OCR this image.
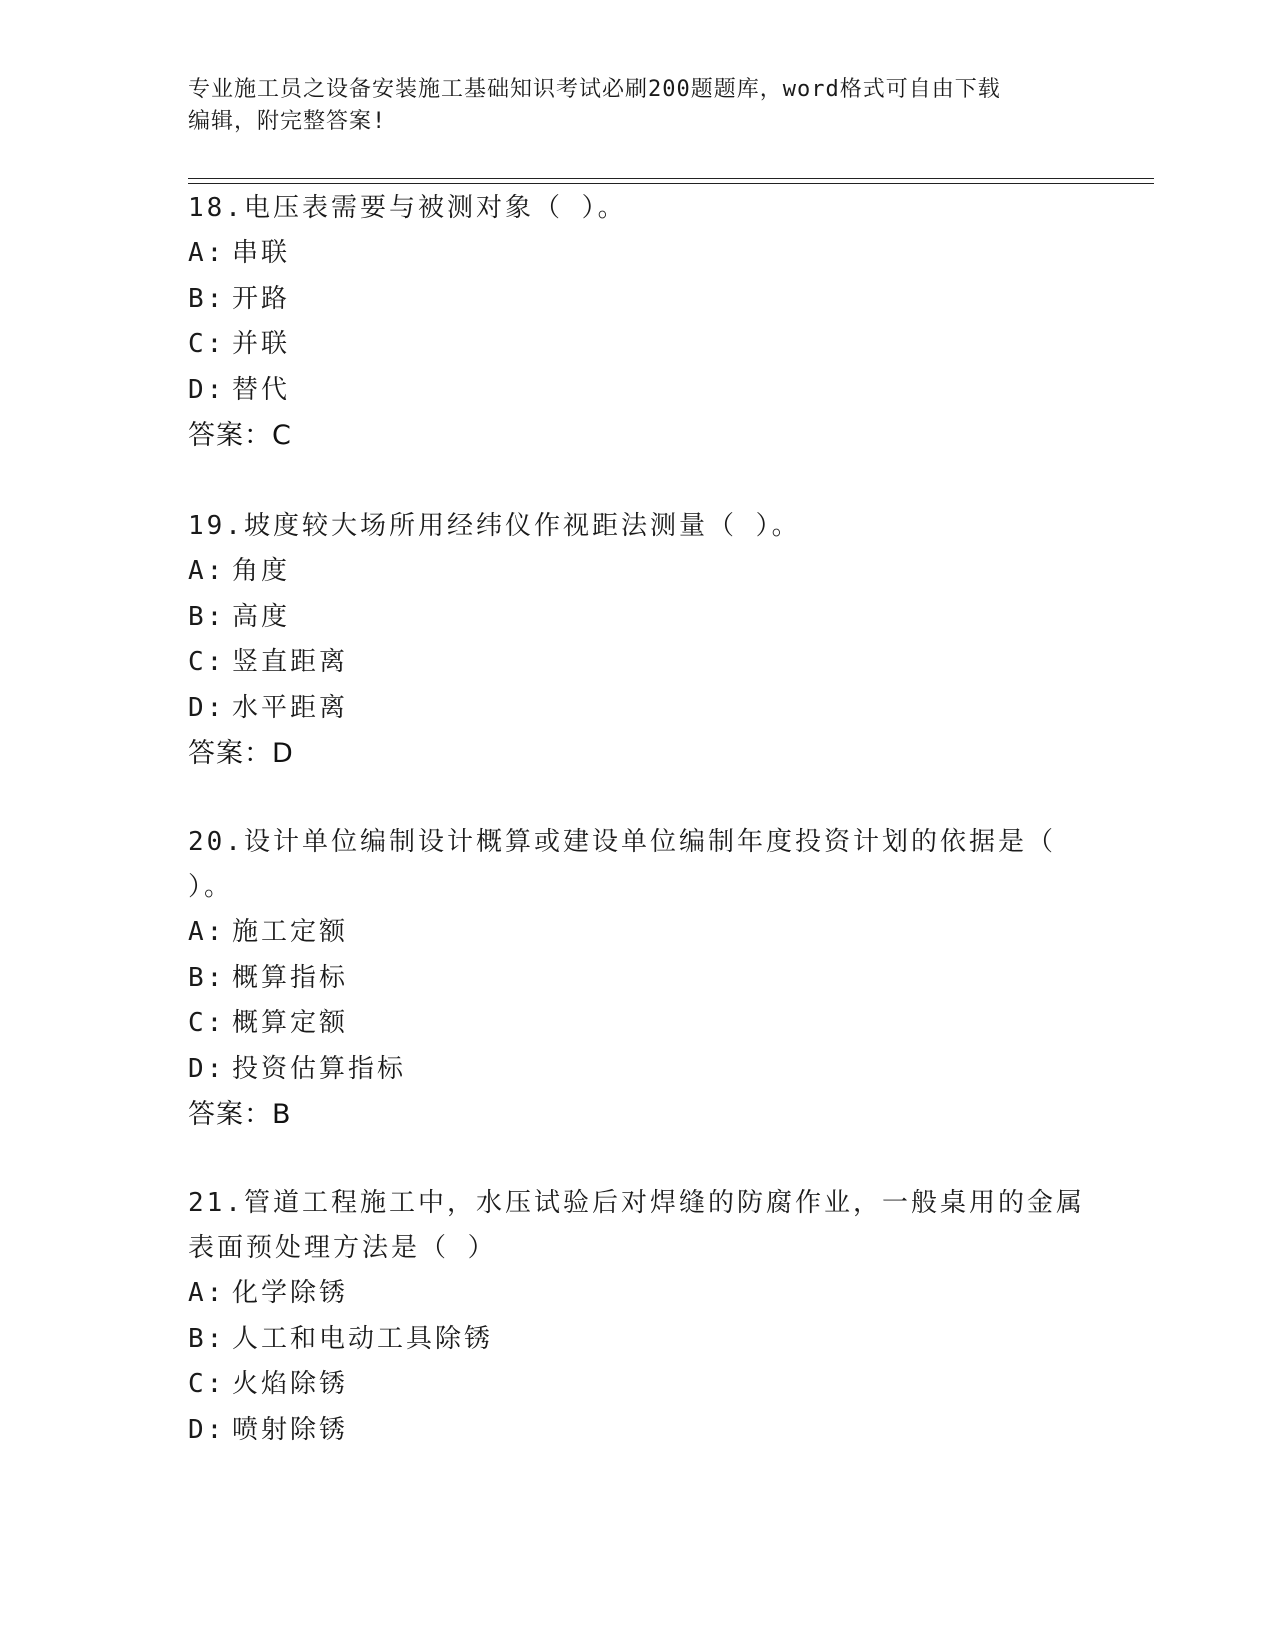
专业施工员之设备安装施工基础知识考试必刷200题题库，word格式可自由下载
编辑，附完整答案!

18.电压表需要与被测对象（ ）。

A: 串联

B: 开路

C: 并联

D: 替代

答案：C

19.坡度较大场所用经纬仪作视距法测量（ ）。

A: 角度

B: 高度

C: 竖直距离

D: 水平距离

答案：D

20.设计单位编制设计概算或建设单位编制年度投资计划的依据是（

）。

A: 施工定额

B: 概算指标

C: 概算定额

D: 投资估算指标

答案：B

21.管道工程施工中，水压试验后对焊缝的防腐作业，一般桌用的金属

表面预处理方法是（ ）

A: 化学除锈

B: 人工和电动工具除锈

C: 火焰除锈

D: 喷射除锈
